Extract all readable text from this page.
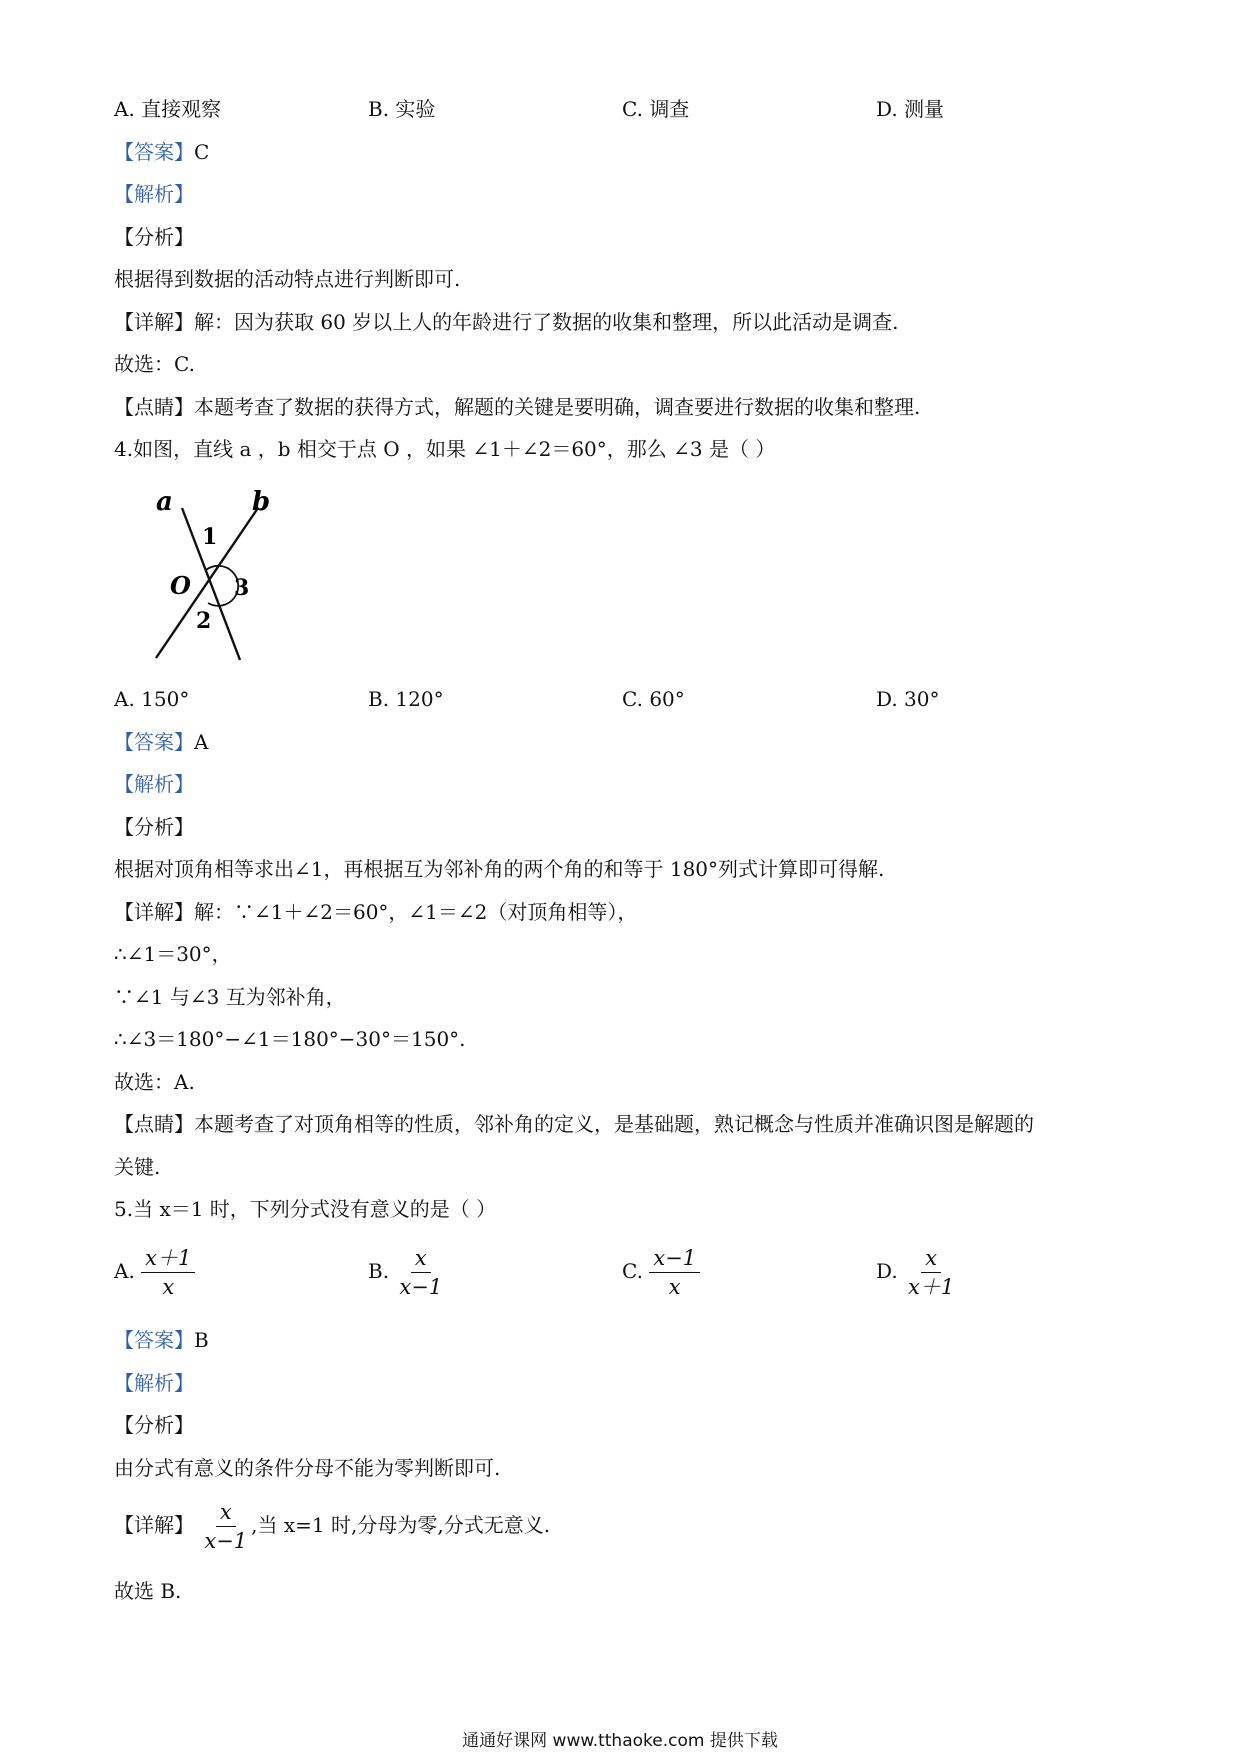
A. 直接观察	B. 实验	C. 调查	D. 测量
【答案】C
【解析】
【分析】
根据得到数据的活动特点进行判断即可.
【详解】解：因为获取 60 岁以上人的年龄进行了数据的收集和整理，所以此活动是调查.
故选：C.
【点睛】本题考查了数据的获得方式，解题的关键是要明确，调查要进行数据的收集和整理.
4.如图，直线 a ，b 相交于点 O ，如果 ∠1＋∠2＝60°，那么 ∠3 是（ ）
a	b
1
O 3
2
A. 150°	B. 120°	C. 60°	D. 30°
【答案】A
【解析】
【分析】
根据对顶角相等求出∠1，再根据互为邻补角的两个角的和等于 180°列式计算即可得解.
【详解】解：∵∠1＋∠2＝60°，∠1＝∠2（对顶角相等），
∴∠1＝30°，
∵∠1 与∠3 互为邻补角，
∴∠3＝180°−∠1＝180°−30°＝150°.
故选：A.
【点睛】本题考查了对顶角相等的性质，邻补角的定义，是基础题，熟记概念与性质并准确识图是解题的
关键.
5.当 x＝1 时，下列分式没有意义的是（ ）
A. $\frac{x+1}{x}$	B. $\frac{x}{x-1}$	C. $\frac{x-1}{x}$	D. $\frac{x}{x+1}$
【答案】B
【解析】
【分析】
由分式有意义的条件分母不能为零判断即可.
【详解】 $\frac{x}{x-1}$ ,当 x=1 时,分母为零,分式无意义.
故选 B.
通通好课网 www.tthaoke.com 提供下载
